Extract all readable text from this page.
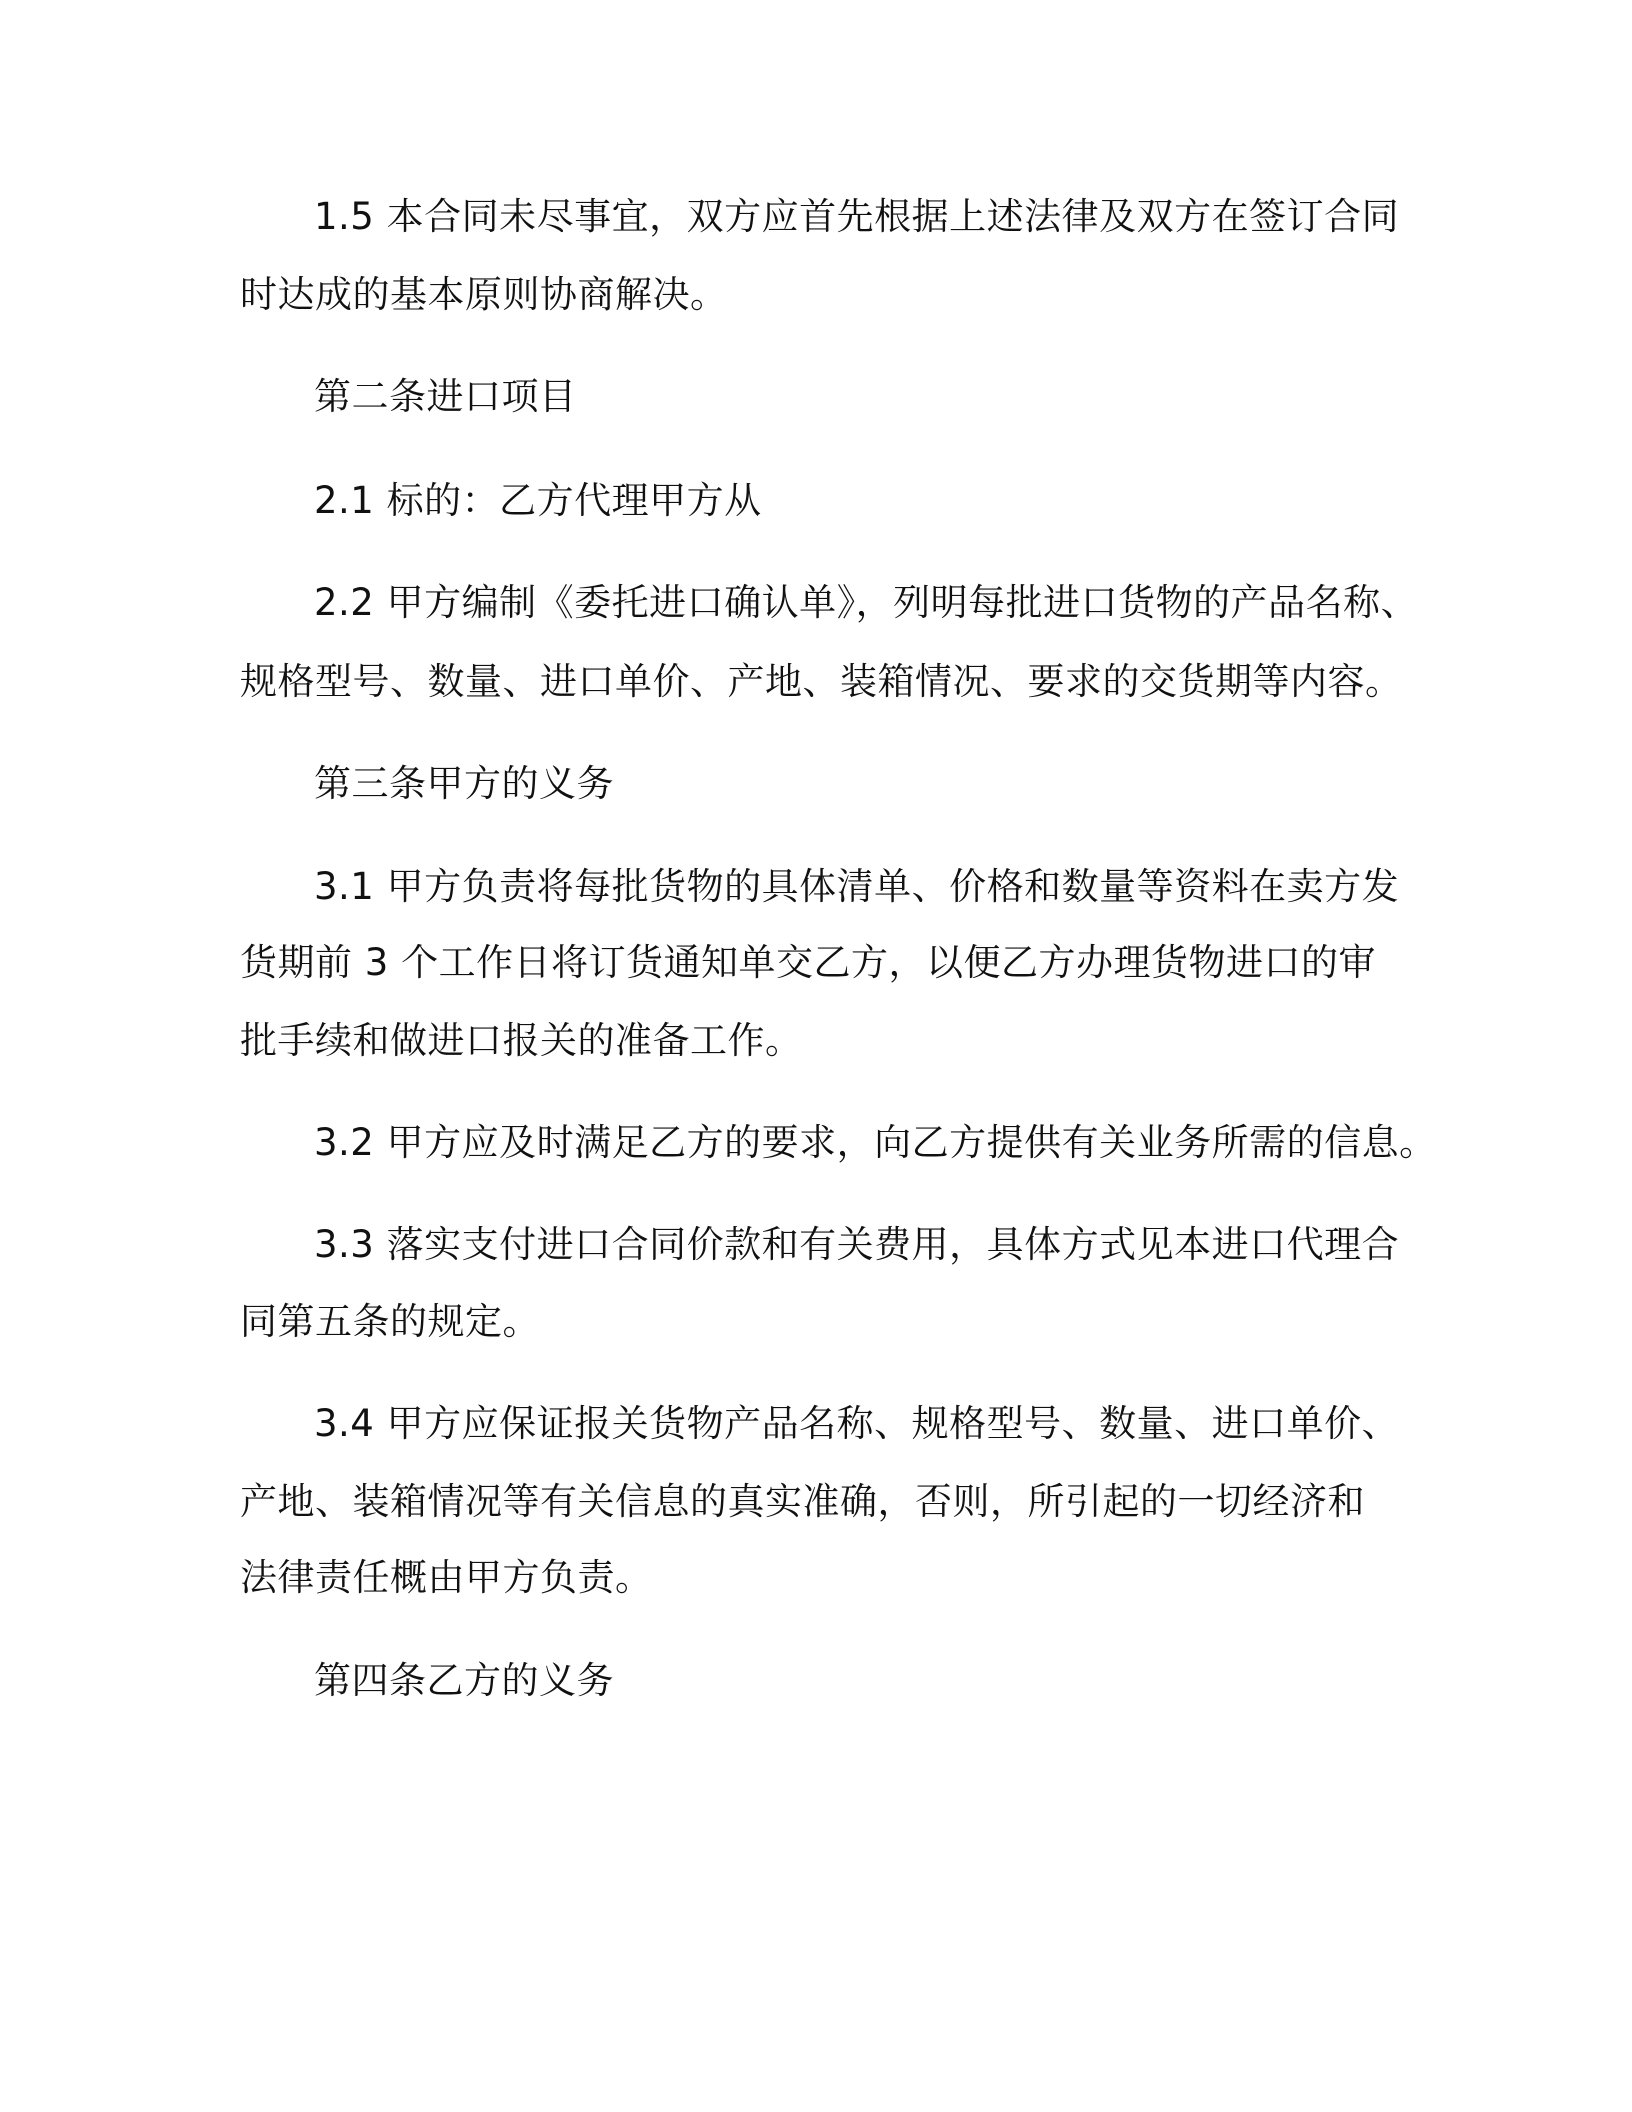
1.5 本合同未尽事宜，双方应首先根据上述法律及双方在签订合同
时达成的基本原则协商解决。
第二条进口项目
2.1 标的：乙方代理甲方从
2.2 甲方编制《委托进口确认单》，列明每批进口货物的产品名称、
规格型号、数量、进口单价、产地、装箱情况、要求的交货期等内容。
第三条甲方的义务
3.1 甲方负责将每批货物的具体清单、价格和数量等资料在卖方发
货期前 3 个工作日将订货通知单交乙方，以便乙方办理货物进口的审
批手续和做进口报关的准备工作。
3.2 甲方应及时满足乙方的要求，向乙方提供有关业务所需的信息。
3.3 落实支付进口合同价款和有关费用，具体方式见本进口代理合
同第五条的规定。
3.4 甲方应保证报关货物产品名称、规格型号、数量、进口单价、
产地、装箱情况等有关信息的真实准确，否则，所引起的一切经济和
法律责任概由甲方负责。
第四条乙方的义务
